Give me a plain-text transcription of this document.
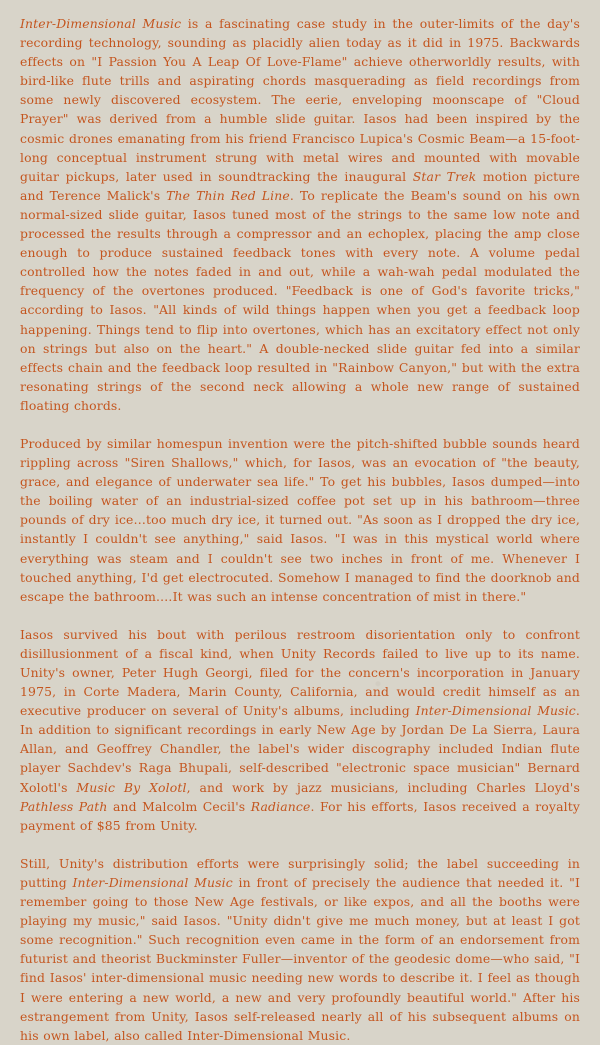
Inter-Dimensional Music is a fascinating case study in the outer-limits of the day's recording technology, sounding as placidly alien today as it did in 1975. Backwards effects on "I Passion You A Leap Of Love-Flame" achieve otherworldly results, with bird-like flute trills and aspirating chords masquerading as field recordings from some newly discovered ecosystem. The eerie, enveloping moonscape of "Cloud Prayer" was derived from a humble slide guitar. Iasos had been inspired by the cosmic drones emanating from his friend Francisco Lupica's Cosmic Beam—a 15-foot-long conceptual instrument strung with metal wires and mounted with movable guitar pickups, later used in soundtracking the inaugural Star Trek motion picture and Terence Malick's The Thin Red Line. To replicate the Beam's sound on his own normal-sized slide guitar, Iasos tuned most of the strings to the same low note and processed the results through a compressor and an echoplex, placing the amp close enough to produce sustained feedback tones with every note. A volume pedal controlled how the notes faded in and out, while a wah-wah pedal modulated the frequency of the overtones produced. "Feedback is one of God's favorite tricks," according to Iasos. "All kinds of wild things happen when you get a feedback loop happening. Things tend to flip into overtones, which has an excitatory effect not only on strings but also on the heart." A double-necked slide guitar fed into a similar effects chain and the feedback loop resulted in "Rainbow Canyon," but with the extra resonating strings of the second neck allowing a whole new range of sustained floating chords.

Produced by similar homespun invention were the pitch-shifted bubble sounds heard rippling across "Siren Shallows," which, for Iasos, was an evocation of "the beauty, grace, and elegance of underwater sea life." To get his bubbles, Iasos dumped—into the boiling water of an industrial-sized coffee pot set up in his bathroom—three pounds of dry ice…too much dry ice, it turned out. "As soon as I dropped the dry ice, instantly I couldn't see anything," said Iasos. "I was in this mystical world where everything was steam and I couldn't see two inches in front of me. Whenever I touched anything, I'd get electrocuted. Somehow I managed to find the doorknob and escape the bathroom.…It was such an intense concentration of mist in there."

Iasos survived his bout with perilous restroom disorientation only to confront disillusionment of a fiscal kind, when Unity Records failed to live up to its name. Unity's owner, Peter Hugh Georgi, filed for the concern's incorporation in January 1975, in Corte Madera, Marin County, California, and would credit himself as an executive producer on several of Unity's albums, including Inter-Dimensional Music. In addition to significant recordings in early New Age by Jordan De La Sierra, Laura Allan, and Geoffrey Chandler, the label's wider discography included Indian flute player Sachdev's Raga Bhupali, self-described "electronic space musician" Bernard Xolotl's Music By Xolotl, and work by jazz musicians, including Charles Lloyd's Pathless Path and Malcolm Cecil's Radiance. For his efforts, Iasos received a royalty payment of $85 from Unity.

Still, Unity's distribution efforts were surprisingly solid; the label succeeding in putting Inter-Dimensional Music in front of precisely the audience that needed it. "I remember going to those New Age festivals, or like expos, and all the booths were playing my music," said Iasos. "Unity didn't give me much money, but at least I got some recognition." Such recognition even came in the form of an endorsement from futurist and theorist Buckminster Fuller—inventor of the geodesic dome—who said, "I find Iasos' inter-dimensional music needing new words to describe it. I feel as though I were entering a new world, a new and very profoundly beautiful world." After his estrangement from Unity, Iasos self-released nearly all of his subsequent albums on his own label, also called Inter-Dimensional Music.
